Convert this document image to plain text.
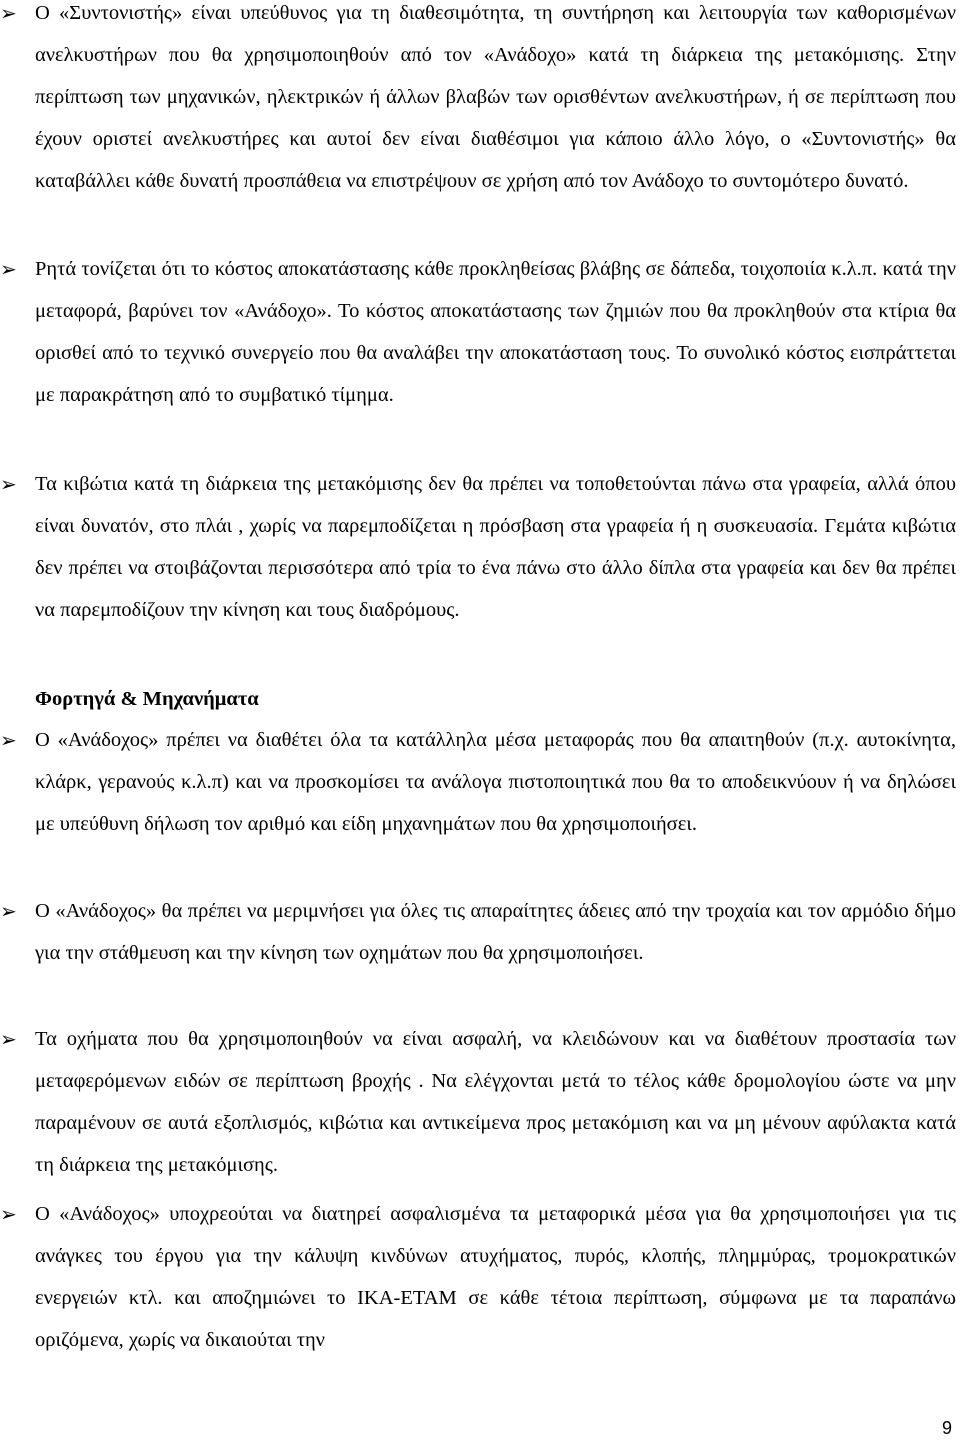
➢ Ο «Συντονιστής» είναι υπεύθυνος για τη διαθεσιμότητα, τη συντήρηση και λειτουργία των καθορισμένων ανελκυστήρων που θα χρησιμοποιηθούν από τον «Ανάδοχο» κατά τη διάρκεια της μετακόμισης. Στην περίπτωση των μηχανικών, ηλεκτρικών ή άλλων βλαβών των ορισθέντων ανελκυστήρων, ή σε περίπτωση που έχουν οριστεί ανελκυστήρες και αυτοί δεν είναι διαθέσιμοι για κάποιο άλλο λόγο, ο «Συντονιστής» θα καταβάλλει κάθε δυνατή προσπάθεια να επιστρέψουν σε χρήση από τον Ανάδοχο το συντομότερο δυνατό.
➢ Ρητά τονίζεται ότι το κόστος αποκατάστασης κάθε προκληθείσας βλάβης σε δάπεδα, τοιχοποιία κ.λ.π. κατά την μεταφορά, βαρύνει τον «Ανάδοχο». Το κόστος αποκατάστασης των ζημιών που θα προκληθούν στα κτίρια θα ορισθεί από το τεχνικό συνεργείο που θα αναλάβει την αποκατάσταση τους. Το συνολικό κόστος εισπράττεται με παρακράτηση από το συμβατικό τίμημα.
➢ Τα κιβώτια κατά τη διάρκεια της μετακόμισης δεν θα πρέπει να τοποθετούνται πάνω στα γραφεία, αλλά όπου είναι δυνατόν, στο πλάι , χωρίς να παρεμποδίζεται η πρόσβαση στα γραφεία ή η συσκευασία. Γεμάτα κιβώτια δεν πρέπει να στοιβάζονται περισσότερα από τρία το ένα πάνω στο άλλο δίπλα στα γραφεία και δεν θα πρέπει να παρεμποδίζουν την κίνηση και τους διαδρόμους.
Φορτηγά & Μηχανήματα
➢ Ο «Ανάδοχος» πρέπει να διαθέτει όλα τα κατάλληλα μέσα μεταφοράς που θα απαιτηθούν (π.χ. αυτοκίνητα, κλάρκ, γερανούς κ.λ.π) και να προσκομίσει τα ανάλογα πιστοποιητικά που θα το αποδεικνύουν ή να δηλώσει με υπεύθυνη δήλωση τον αριθμό και είδη μηχανημάτων που θα χρησιμοποιήσει.
➢ Ο «Ανάδοχος» θα πρέπει να μεριμνήσει για όλες τις απαραίτητες άδειες από την τροχαία και τον αρμόδιο δήμο για την στάθμευση και την κίνηση των οχημάτων που θα χρησιμοποιήσει.
➢ Τα οχήματα που θα χρησιμοποιηθούν να είναι ασφαλή, να κλειδώνουν και να διαθέτουν προστασία των μεταφερόμενων ειδών σε περίπτωση βροχής . Να ελέγχονται μετά το τέλος κάθε δρομολογίου ώστε να μην παραμένουν σε αυτά εξοπλισμός, κιβώτια και αντικείμενα προς μετακόμιση και να μη μένουν αφύλακτα κατά τη διάρκεια της μετακόμισης.
➢ Ο «Ανάδοχος» υποχρεούται να διατηρεί ασφαλισμένα τα μεταφορικά μέσα για θα χρησιμοποιήσει για τις ανάγκες του έργου για την κάλυψη κινδύνων ατυχήματος, πυρός, κλοπής, πλημμύρας, τρομοκρατικών ενεργειών κτλ. και αποζημιώνει το ΙΚΑ-ΕΤΑΜ σε κάθε τέτοια περίπτωση, σύμφωνα με τα παραπάνω οριζόμενα, χωρίς να δικαιούται την
9
